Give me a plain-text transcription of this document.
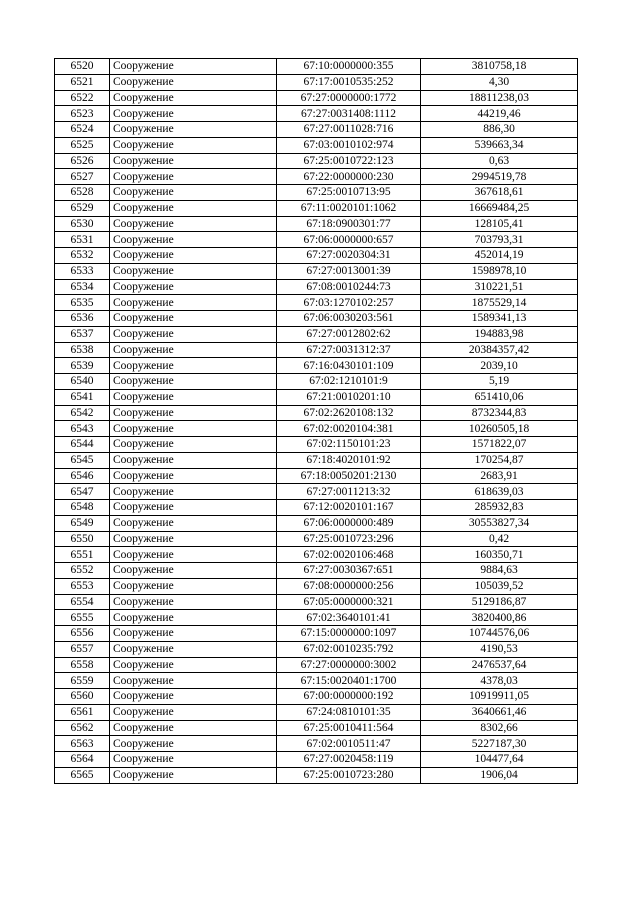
6520	Сооружение	67:10:0000000:355	3810758,18
6521	Сооружение	67:17:0010535:252	4,30
6522	Сооружение	67:27:0000000:1772	18811238,03
6523	Сооружение	67:27:0031408:1112	44219,46
6524	Сооружение	67:27:0011028:716	886,30
6525	Сооружение	67:03:0010102:974	539663,34
6526	Сооружение	67:25:0010722:123	0,63
6527	Сооружение	67:22:0000000:230	2994519,78
6528	Сооружение	67:25:0010713:95	367618,61
6529	Сооружение	67:11:0020101:1062	16669484,25
6530	Сооружение	67:18:0900301:77	128105,41
6531	Сооружение	67:06:0000000:657	703793,31
6532	Сооружение	67:27:0020304:31	452014,19
6533	Сооружение	67:27:0013001:39	1598978,10
6534	Сооружение	67:08:0010244:73	310221,51
6535	Сооружение	67:03:1270102:257	1875529,14
6536	Сооружение	67:06:0030203:561	1589341,13
6537	Сооружение	67:27:0012802:62	194883,98
6538	Сооружение	67:27:0031312:37	20384357,42
6539	Сооружение	67:16:0430101:109	2039,10
6540	Сооружение	67:02:1210101:9	5,19
6541	Сооружение	67:21:0010201:10	651410,06
6542	Сооружение	67:02:2620108:132	8732344,83
6543	Сооружение	67:02:0020104:381	10260505,18
6544	Сооружение	67:02:1150101:23	1571822,07
6545	Сооружение	67:18:4020101:92	170254,87
6546	Сооружение	67:18:0050201:2130	2683,91
6547	Сооружение	67:27:0011213:32	618639,03
6548	Сооружение	67:12:0020101:167	285932,83
6549	Сооружение	67:06:0000000:489	30553827,34
6550	Сооружение	67:25:0010723:296	0,42
6551	Сооружение	67:02:0020106:468	160350,71
6552	Сооружение	67:27:0030367:651	9884,63
6553	Сооружение	67:08:0000000:256	105039,52
6554	Сооружение	67:05:0000000:321	5129186,87
6555	Сооружение	67:02:3640101:41	3820400,86
6556	Сооружение	67:15:0000000:1097	10744576,06
6557	Сооружение	67:02:0010235:792	4190,53
6558	Сооружение	67:27:0000000:3002	2476537,64
6559	Сооружение	67:15:0020401:1700	4378,03
6560	Сооружение	67:00:0000000:192	10919911,05
6561	Сооружение	67:24:0810101:35	3640661,46
6562	Сооружение	67:25:0010411:564	8302,66
6563	Сооружение	67:02:0010511:47	5227187,30
6564	Сооружение	67:27:0020458:119	104477,64
6565	Сооружение	67:25:0010723:280	1906,04
